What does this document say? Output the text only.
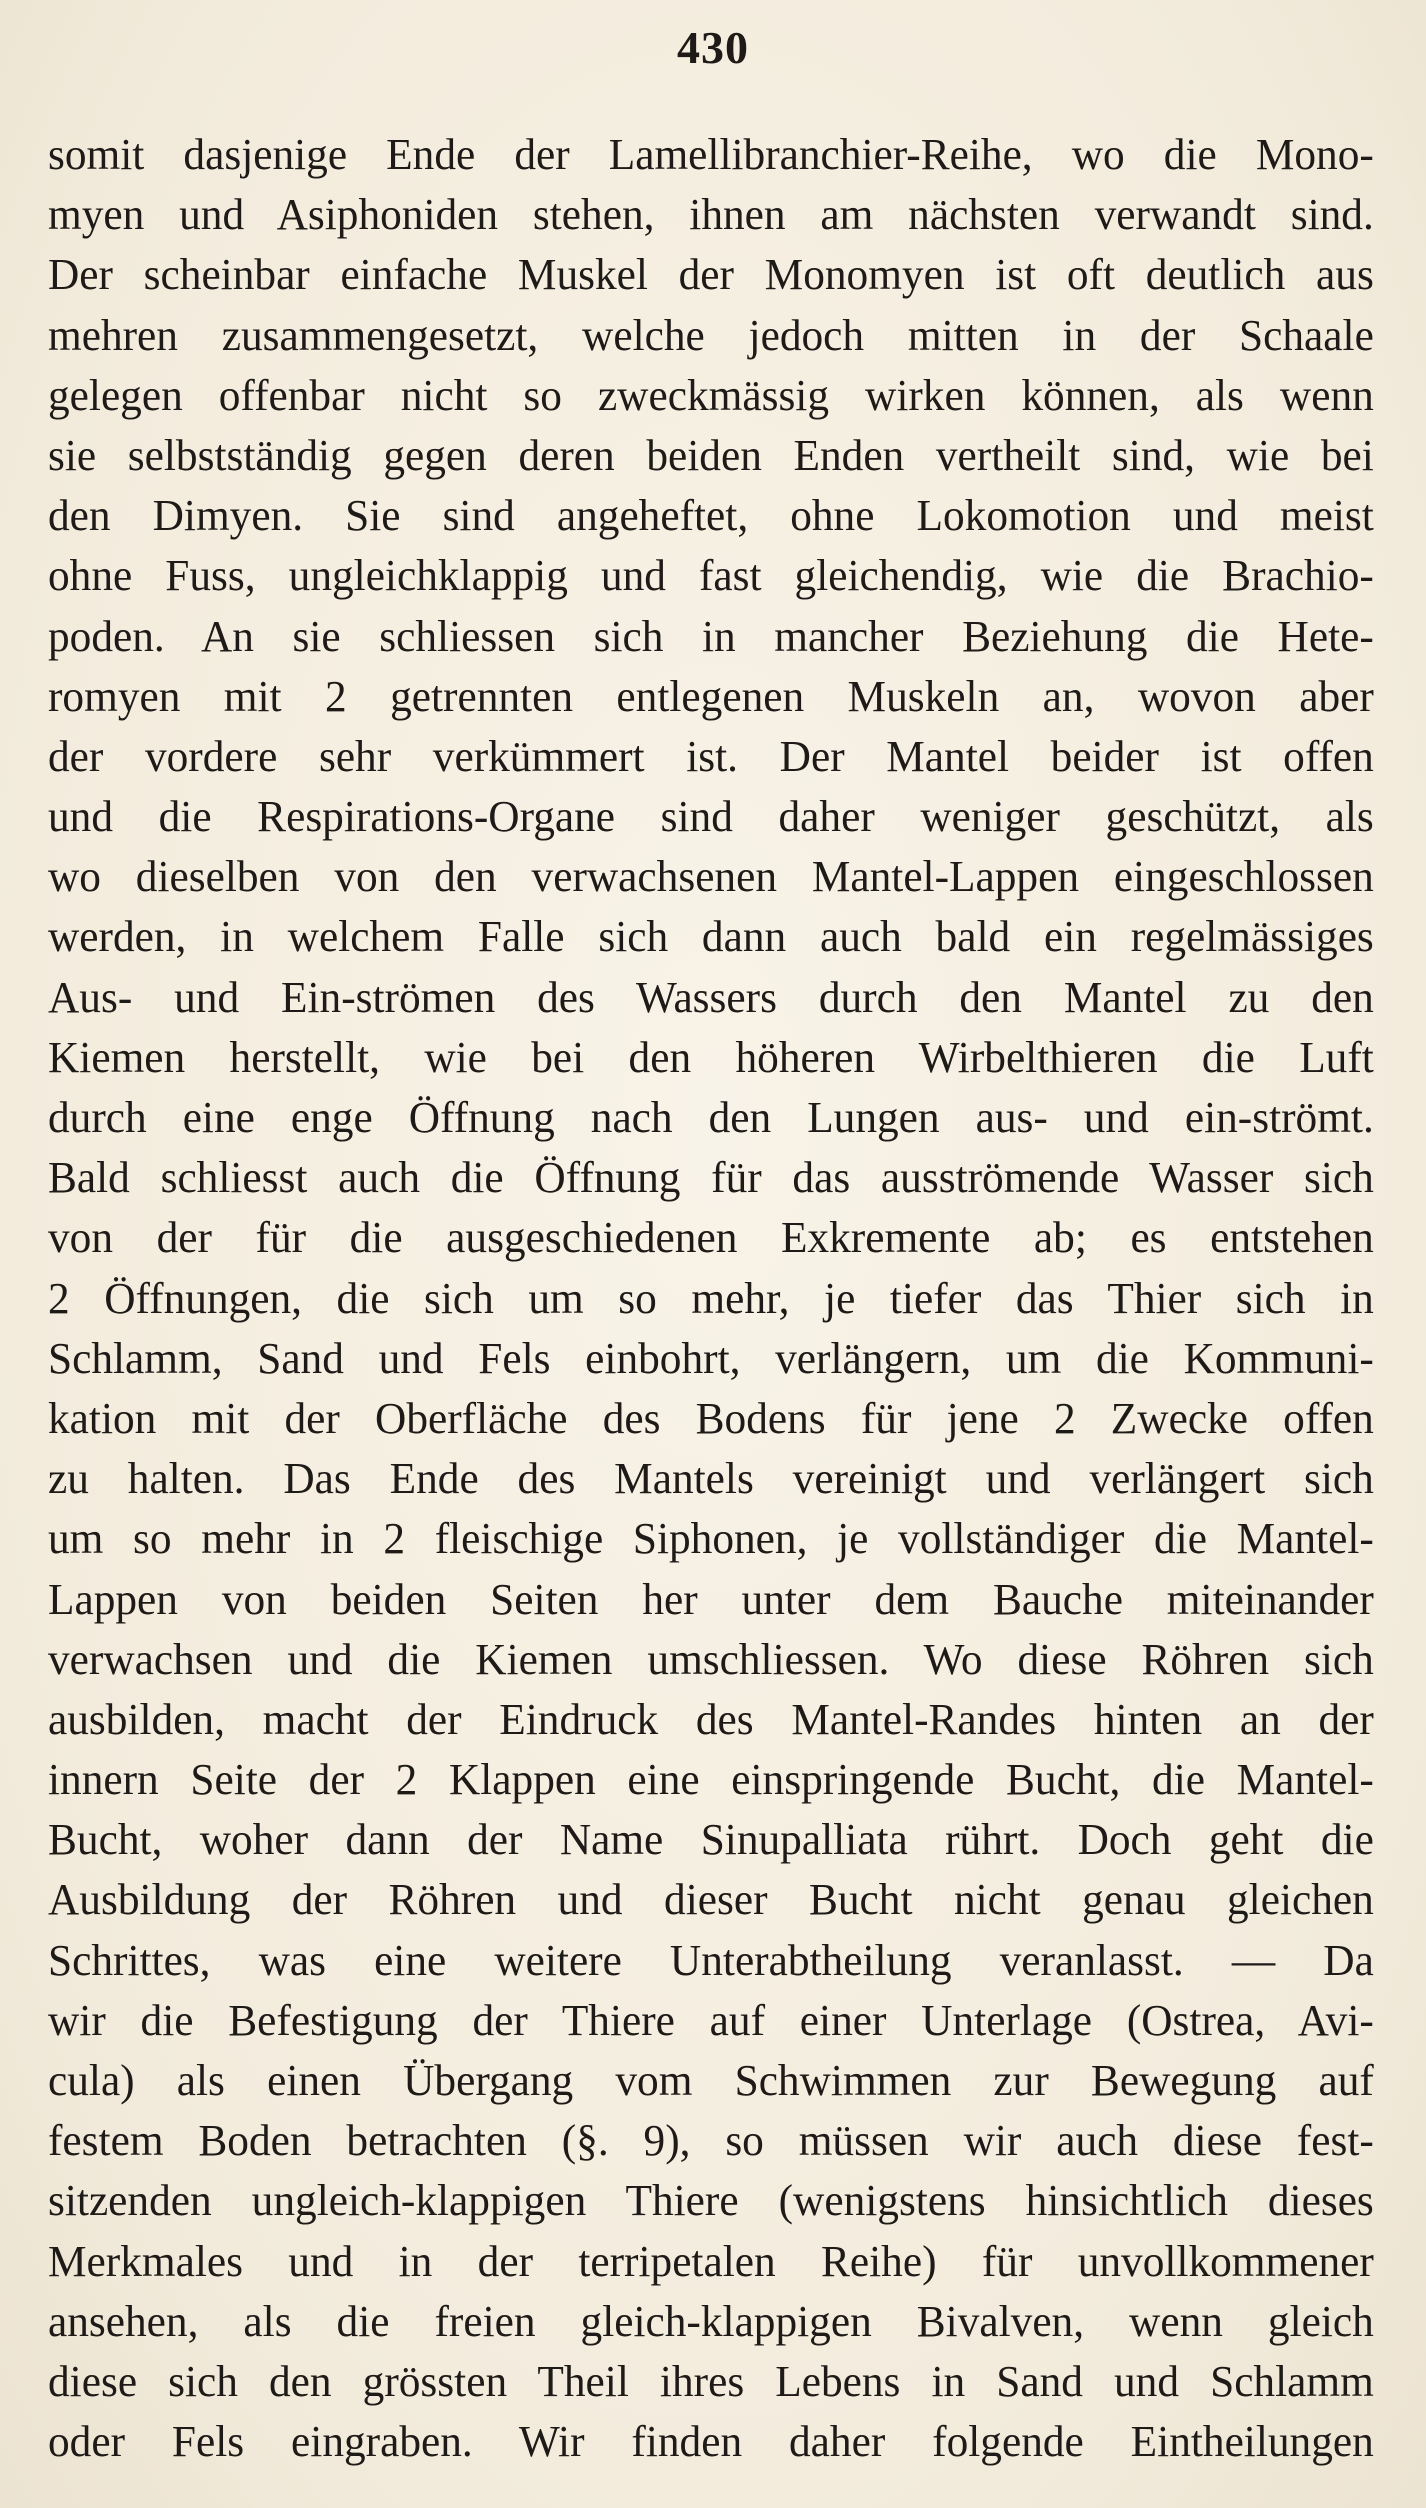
430
somit dasjenige Ende der Lamellibranchier-Reihe, wo die Mono-
myen und Asiphoniden stehen, ihnen am nächsten verwandt sind.
Der scheinbar einfache Muskel der Monomyen ist oft deutlich aus
mehren zusammengesetzt, welche jedoch mitten in der Schaale
gelegen offenbar nicht so zweckmässig wirken können, als wenn
sie selbstständig gegen deren beiden Enden vertheilt sind, wie bei
den Dimyen. Sie sind angeheftet, ohne Lokomotion und meist
ohne Fuss, ungleichklappig und fast gleichendig, wie die Brachio-
poden. An sie schliessen sich in mancher Beziehung die Hete-
romyen mit 2 getrennten entlegenen Muskeln an, wovon aber
der vordere sehr verkümmert ist. Der Mantel beider ist offen
und die Respirations-Organe sind daher weniger geschützt, als
wo dieselben von den verwachsenen Mantel-Lappen eingeschlossen
werden, in welchem Falle sich dann auch bald ein regelmässiges
Aus- und Ein-strömen des Wassers durch den Mantel zu den
Kiemen herstellt, wie bei den höheren Wirbelthieren die Luft
durch eine enge Öffnung nach den Lungen aus- und ein-strömt.
Bald schliesst auch die Öffnung für das ausströmende Wasser sich
von der für die ausgeschiedenen Exkremente ab; es entstehen
2 Öffnungen, die sich um so mehr, je tiefer das Thier sich in
Schlamm, Sand und Fels einbohrt, verlängern, um die Kommuni-
kation mit der Oberfläche des Bodens für jene 2 Zwecke offen
zu halten. Das Ende des Mantels vereinigt und verlängert sich
um so mehr in 2 fleischige Siphonen, je vollständiger die Mantel-
Lappen von beiden Seiten her unter dem Bauche miteinander
verwachsen und die Kiemen umschliessen. Wo diese Röhren sich
ausbilden, macht der Eindruck des Mantel-Randes hinten an der
innern Seite der 2 Klappen eine einspringende Bucht, die Mantel-
Bucht, woher dann der Name Sinupalliata rührt. Doch geht die
Ausbildung der Röhren und dieser Bucht nicht genau gleichen
Schrittes, was eine weitere Unterabtheilung veranlasst. — Da
wir die Befestigung der Thiere auf einer Unterlage (Ostrea, Avi-
cula) als einen Übergang vom Schwimmen zur Bewegung auf
festem Boden betrachten (§. 9), so müssen wir auch diese fest-
sitzenden ungleich-klappigen Thiere (wenigstens hinsichtlich dieses
Merkmales und in der terripetalen Reihe) für unvollkommener
ansehen, als die freien gleich-klappigen Bivalven, wenn gleich
diese sich den grössten Theil ihres Lebens in Sand und Schlamm
oder Fels eingraben. Wir finden daher folgende Eintheilungen
